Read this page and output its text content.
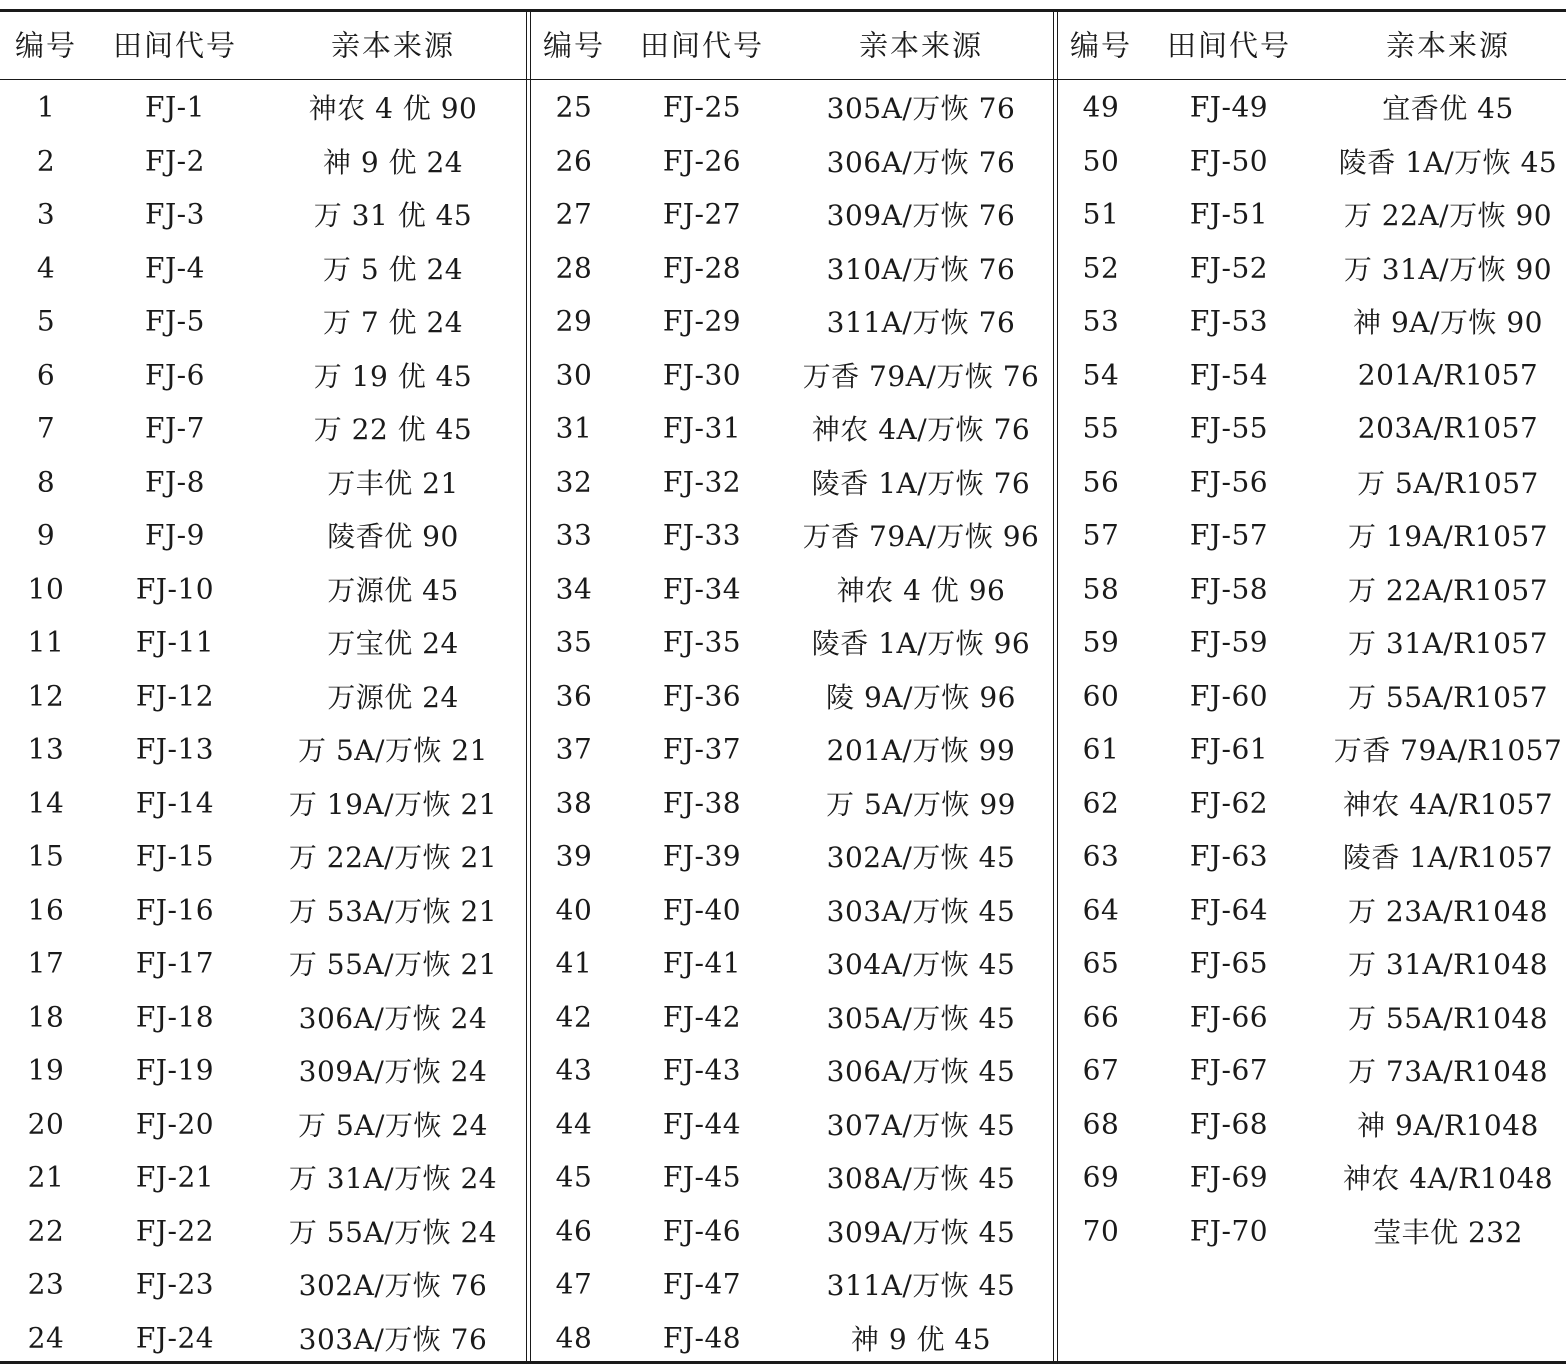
编号 田间代号	亲本来源	编号 田间代号	亲本来源	编号 田间代号	亲本来源
1	FJ-1	神农 4 优 90
2	FJ-2	神 9 优 24
3	FJ-3	万 31 优 45
4	FJ-4	万 5 优 24
5	FJ-5	万 7 优 24
6	FJ-6	万 19 优 45
7	FJ-7	万 22 优 45
8	FJ-8	万丰优 21
9	FJ-9	陵香优 90
10	FJ-10	万源优 45
11	FJ-11	万宝优 24
12	FJ-12	万源优 24
13	FJ-13	万 5A/万恢 21
14	FJ-14	万 19A/万恢 21
15	FJ-15	万 22A/万恢 21
16	FJ-16	万 53A/万恢 21
17	FJ-17	万 55A/万恢 21
18	FJ-18	306A/万恢 24
19	FJ-19	309A/万恢 24
20	FJ-20	万 5A/万恢 24
21	FJ-21	万 31A/万恢 24
22	FJ-22	万 55A/万恢 24
23	FJ-23	302A/万恢 76
24	FJ-24	303A/万恢 76
25	FJ-25	305A/万恢 76
26	FJ-26	306A/万恢 76
27	FJ-27	309A/万恢 76
28	FJ-28	310A/万恢 76
29	FJ-29	311A/万恢 76
30	FJ-30 万香 79A/万恢 76
31	FJ-31	神农 4A/万恢 76
32	FJ-32	陵香 1A/万恢 76
33	FJ-33 万香 79A/万恢 96
34	FJ-34	神农 4 优 96
35	FJ-35	陵香 1A/万恢 96
36	FJ-36	陵 9A/万恢 96
37	FJ-37	201A/万恢 99
38	FJ-38	万 5A/万恢 99
39	FJ-39	302A/万恢 45
40	FJ-40	303A/万恢 45
41	FJ-41	304A/万恢 45
42	FJ-42	305A/万恢 45
43	FJ-43	306A/万恢 45
44	FJ-44	307A/万恢 45
45	FJ-45	308A/万恢 45
46	FJ-46	309A/万恢 45
47	FJ-47	311A/万恢 45
48	FJ-48	神 9 优 45
49	FJ-49	宜香优 45
50	FJ-50	陵香 1A/万恢 45
51	FJ-51	万 22A/万恢 90
52	FJ-52	万 31A/万恢 90
53	FJ-53	神 9A/万恢 90
54	FJ-54	201A/R1057
55	FJ-55	203A/R1057
56	FJ-56	万 5A/R1057
57	FJ-57	万 19A/R1057
58	FJ-58	万 22A/R1057
59	FJ-59	万 31A/R1057
60	FJ-60	万 55A/R1057
61	FJ-61 万香 79A/R1057
62	FJ-62	神农 4A/R1057
63	FJ-63	陵香 1A/R1057
64	FJ-64	万 23A/R1048
65	FJ-65	万 31A/R1048
66	FJ-66	万 55A/R1048
67	FJ-67	万 73A/R1048
68	FJ-68	神 9A/R1048
69	FJ-69	神农 4A/R1048
70	FJ-70	莹丰优 232
